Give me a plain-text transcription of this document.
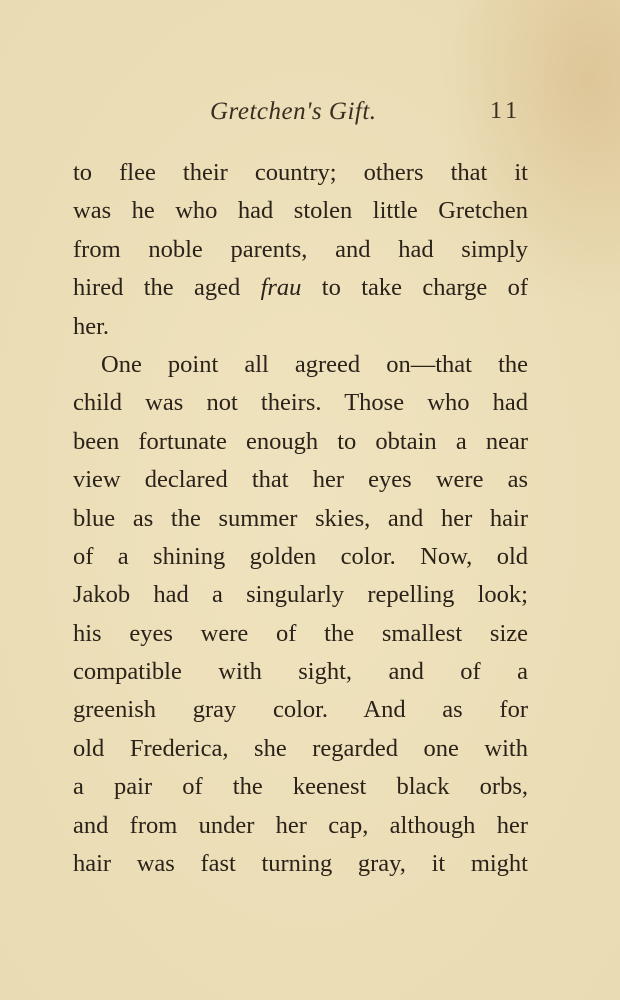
Gretchen's Gift.	11
to flee their country; others that it
was he who had stolen little Gretchen
from noble parents, and had simply
hired the aged frau to take charge of
her.
One point all agreed on—that the
child was not theirs. Those who had
been fortunate enough to obtain a near
view declared that her eyes were as
blue as the summer skies, and her hair
of a shining golden color. Now, old
Jakob had a singularly repelling look;
his eyes were of the smallest size
compatible with sight, and of a
greenish gray color. And as for
old Frederica, she regarded one with
a pair of the keenest black orbs,
and from under her cap, although her
hair was fast turning gray, it might
